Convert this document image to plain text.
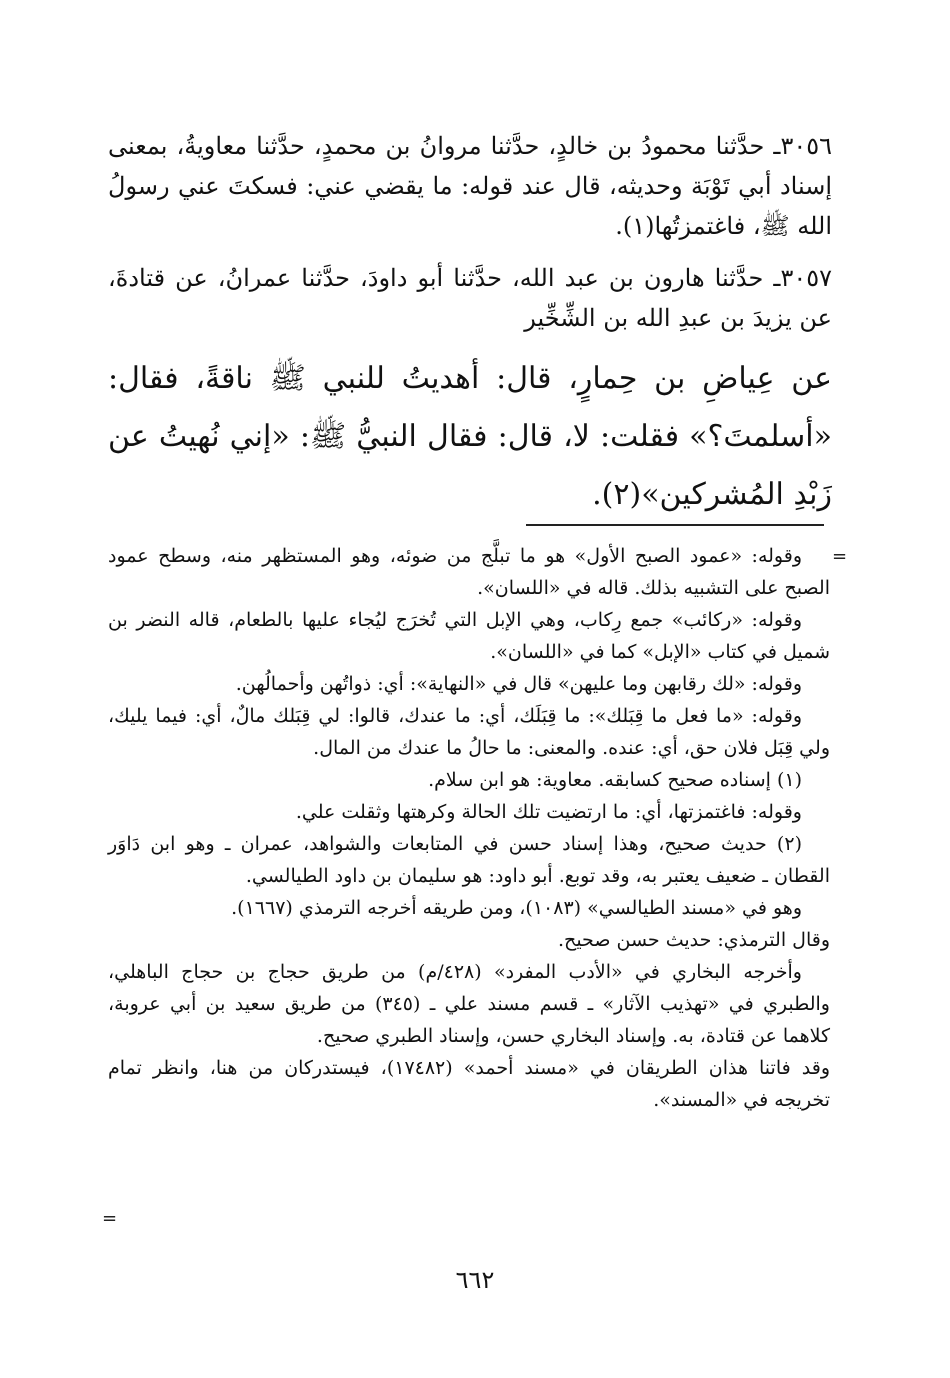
٣٠٥٦ـ حدَّثنا محمودُ بن خالدٍ، حدَّثنا مروانُ بن محمدٍ، حدَّثنا معاويةُ، بمعنى إسناد أبي تَوْبَة وحديثه، قال عند قوله: ما يقضي عني: فسكتَ عني رسولُ الله ﷺ، فاغتمزتُها(١).

٣٠٥٧ـ حدَّثنا هارون بن عبد الله، حدَّثنا أبو داودَ، حدَّثنا عمرانُ، عن قتادةَ، عن يزيدَ بن عبدِ الله بن الشِّخِّير

عن عِياضِ بن حِمارٍ، قال: أهديتُ للنبي ﷺ ناقةً، فقال: «أسلمتَ؟» فقلت: لا، قال: فقال النبيُّ ﷺ: «إني نُهيتُ عن زَبْدِ المُشركين»(٢).

=

وقوله: «عمود الصبح الأول» هو ما تبلَّج من ضوئه، وهو المستظهر منه، وسطح عمود الصبح على التشبيه بذلك. قاله في «اللسان».

وقوله: «ركائب» جمع رِكاب، وهي الإبل التي تُخرَج ليُجاء عليها بالطعام، قاله النضر بن شميل في كتاب «الإبل» كما في «اللسان».

وقوله: «لك رقابهن وما عليهن» قال في «النهاية»: أي: ذواتُهن وأحمالُهن.

وقوله: «ما فعل ما قِبَلك»: ما قِبَلَك، أي: ما عندك، قالوا: لي قِبَلك مالٌ، أي: فيما يليك، ولي قِبَل فلان حق، أي: عنده. والمعنى: ما حالُ ما عندك من المال.

(١) إسناده صحيح كسابقه. معاوية: هو ابن سلام.

وقوله: فاغتمزتها، أي: ما ارتضيت تلك الحالة وكرهتها وثقلت علي.

(٢) حديث صحيح، وهذا إسناد حسن في المتابعات والشواهد، عمران ـ وهو ابن دَاوَر القطان ـ ضعيف يعتبر به، وقد توبع. أبو داود: هو سليمان بن داود الطيالسي.

وهو في «مسند الطيالسي» (١٠٨٣)، ومن طريقه أخرجه الترمذي (١٦٦٧).

وقال الترمذي: حديث حسن صحيح.

وأخرجه البخاري في «الأدب المفرد» (٤٢٨/م) من طريق حجاج بن حجاج الباهلي، والطبري في «تهذيب الآثار» ـ قسم مسند علي ـ (٣٤٥) من طريق سعيد بن أبي عروبة، كلاهما عن قتادة، به. وإسناد البخاري حسن، وإسناد الطبري صحيح.

وقد فاتنا هذان الطريقان في «مسند أحمد» (١٧٤٨٢)، فيستدركان من هنا، وانظر تمام تخريجه في «المسند».

=
٦٦٢
